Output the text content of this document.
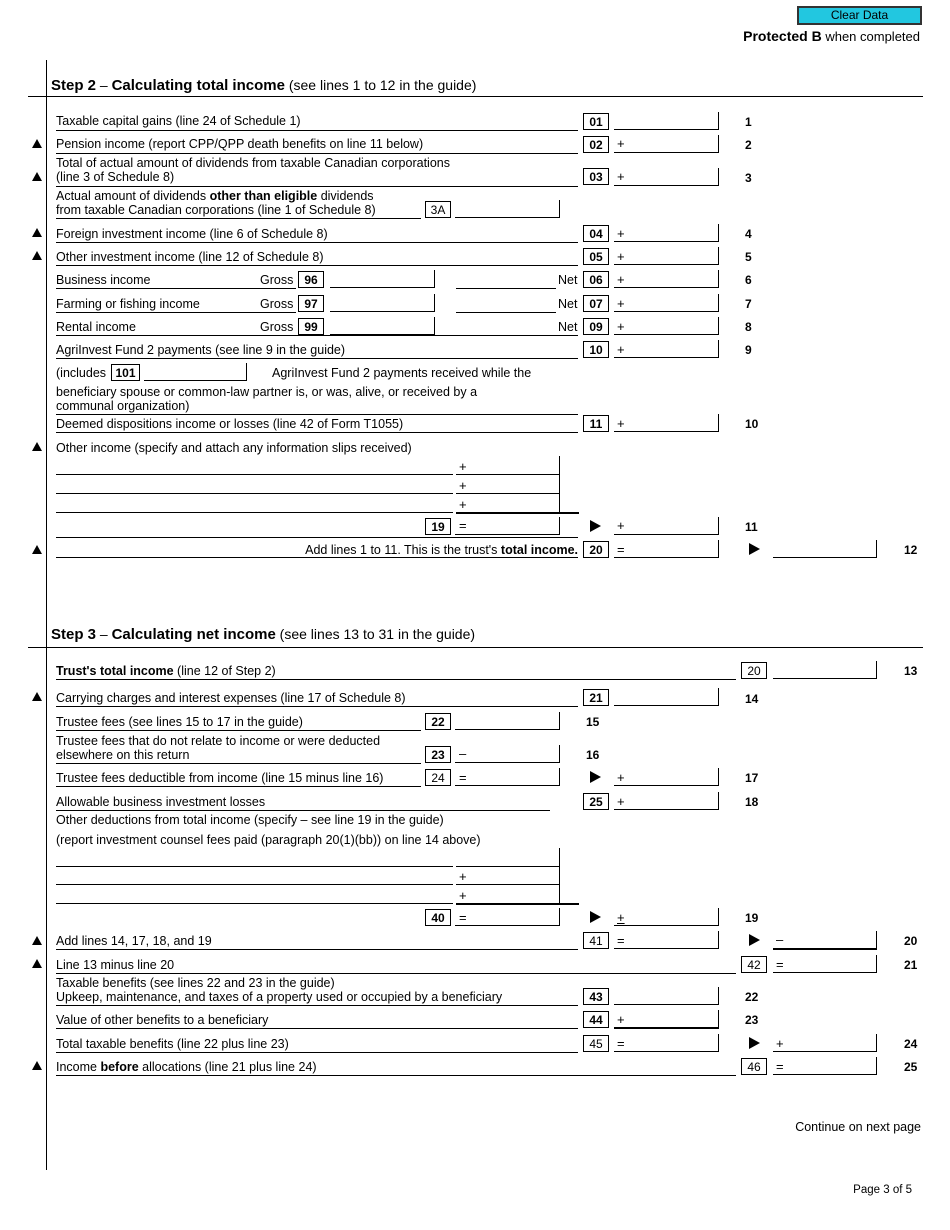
Clear Data
Protected B when completed
Step 2 – Calculating total income (see lines 1 to 12 in the guide)
Taxable capital gains (line 24 of Schedule 1)	01	1
Pension income (report CPP/QPP death benefits on line 11 below)	02	+	2
Total of actual amount of dividends from taxable Canadian corporations
(line 3 of Schedule 8)	03	+	3
Actual amount of dividends other than eligible dividends
from taxable Canadian corporations (line 1 of Schedule 8)	3A
Foreign investment income (line 6 of Schedule 8)	04	+	4
Other investment income (line 12 of Schedule 8)	05	+	5
Business income	Gross 96	Net 06	+	6
Farming or fishing income	Gross 97	Net 07	+	7
Rental income	Gross 99	Net 09	+	8
AgriInvest Fund 2 payments (see line 9 in the guide)	10	+	9
(includes 101	AgriInvest Fund 2 payments received while the
beneficiary spouse or common-law partner is, or was, alive, or received by a
communal organization)
Deemed dispositions income or losses (line 42 of Form T1055)	11	+	10
Other income (specify and attach any information slips received)
+
+
+
19	=	+	11
Add lines 1 to 11. This is the trust's total income. 20	=	12
Step 3 – Calculating net income (see lines 13 to 31 in the guide)
Trust's total income (line 12 of Step 2)	20	13
Carrying charges and interest expenses (line 17 of Schedule 8)	21	14
Trustee fees (see lines 15 to 17 in the guide)	22	15
Trustee fees that do not relate to income or were deducted
elsewhere on this return	23	–	16
Trustee fees deductible from income (line 15 minus line 16)	24	=	+	17
Allowable business investment losses	25	+	18
Other deductions from total income (specify – see line 19 in the guide)
(report investment counsel fees paid (paragraph 20(1)(bb)) on line 14 above)
+
+
40	=	+	19
Add lines 14, 17, 18, and 19	41	=	–	20
Line 13 minus line 20	42	=	21
Taxable benefits (see lines 22 and 23 in the guide)
Upkeep, maintenance, and taxes of a property used or occupied by a beneficiary	43	22
Value of other benefits to a beneficiary	44	+	23
Total taxable benefits (line 22 plus line 23)	45	=	+	24
Income before allocations (line 21 plus line 24)	46	=	25
Continue on next page
Page 3 of 5
